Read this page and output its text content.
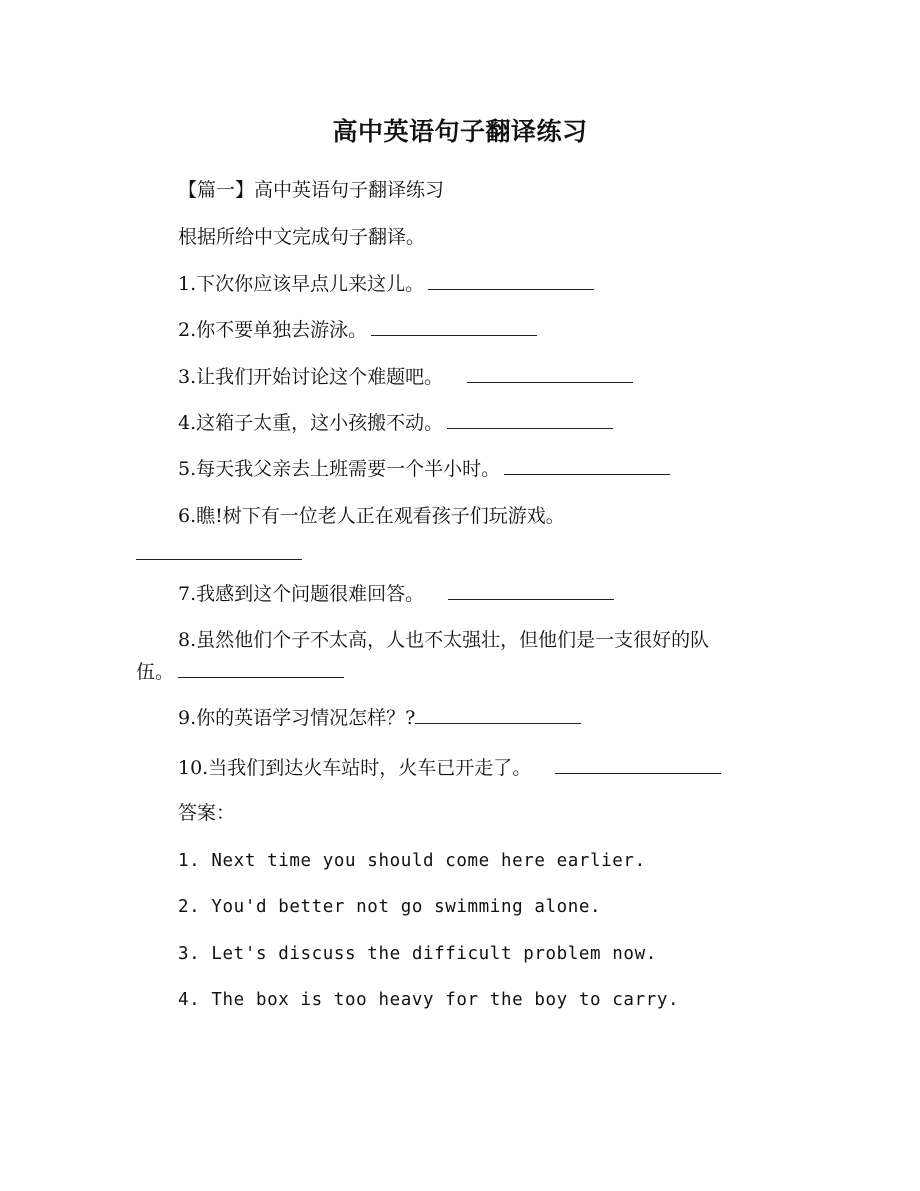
高中英语句子翻译练习
【篇一】高中英语句子翻译练习
根据所给中文完成句子翻译。
1.下次你应该早点儿来这儿。
2.你不要单独去游泳。
3.让我们开始讨论这个难题吧。
4.这箱子太重，这小孩搬不动。
5.每天我父亲去上班需要一个半小时。
6.瞧!树下有一位老人正在观看孩子们玩游戏。
7.我感到这个问题很难回答。
8.虽然他们个子不太高，人也不太强壮，但他们是一支很好的队
伍。
9.你的英语学习情况怎样？?
10.当我们到达火车站时，火车已开走了。
答案：
1. Next time you should come here earlier.
2. You'd better not go swimming alone.
3. Let's discuss the difficult problem now.
4. The box is too heavy for the boy to carry.
